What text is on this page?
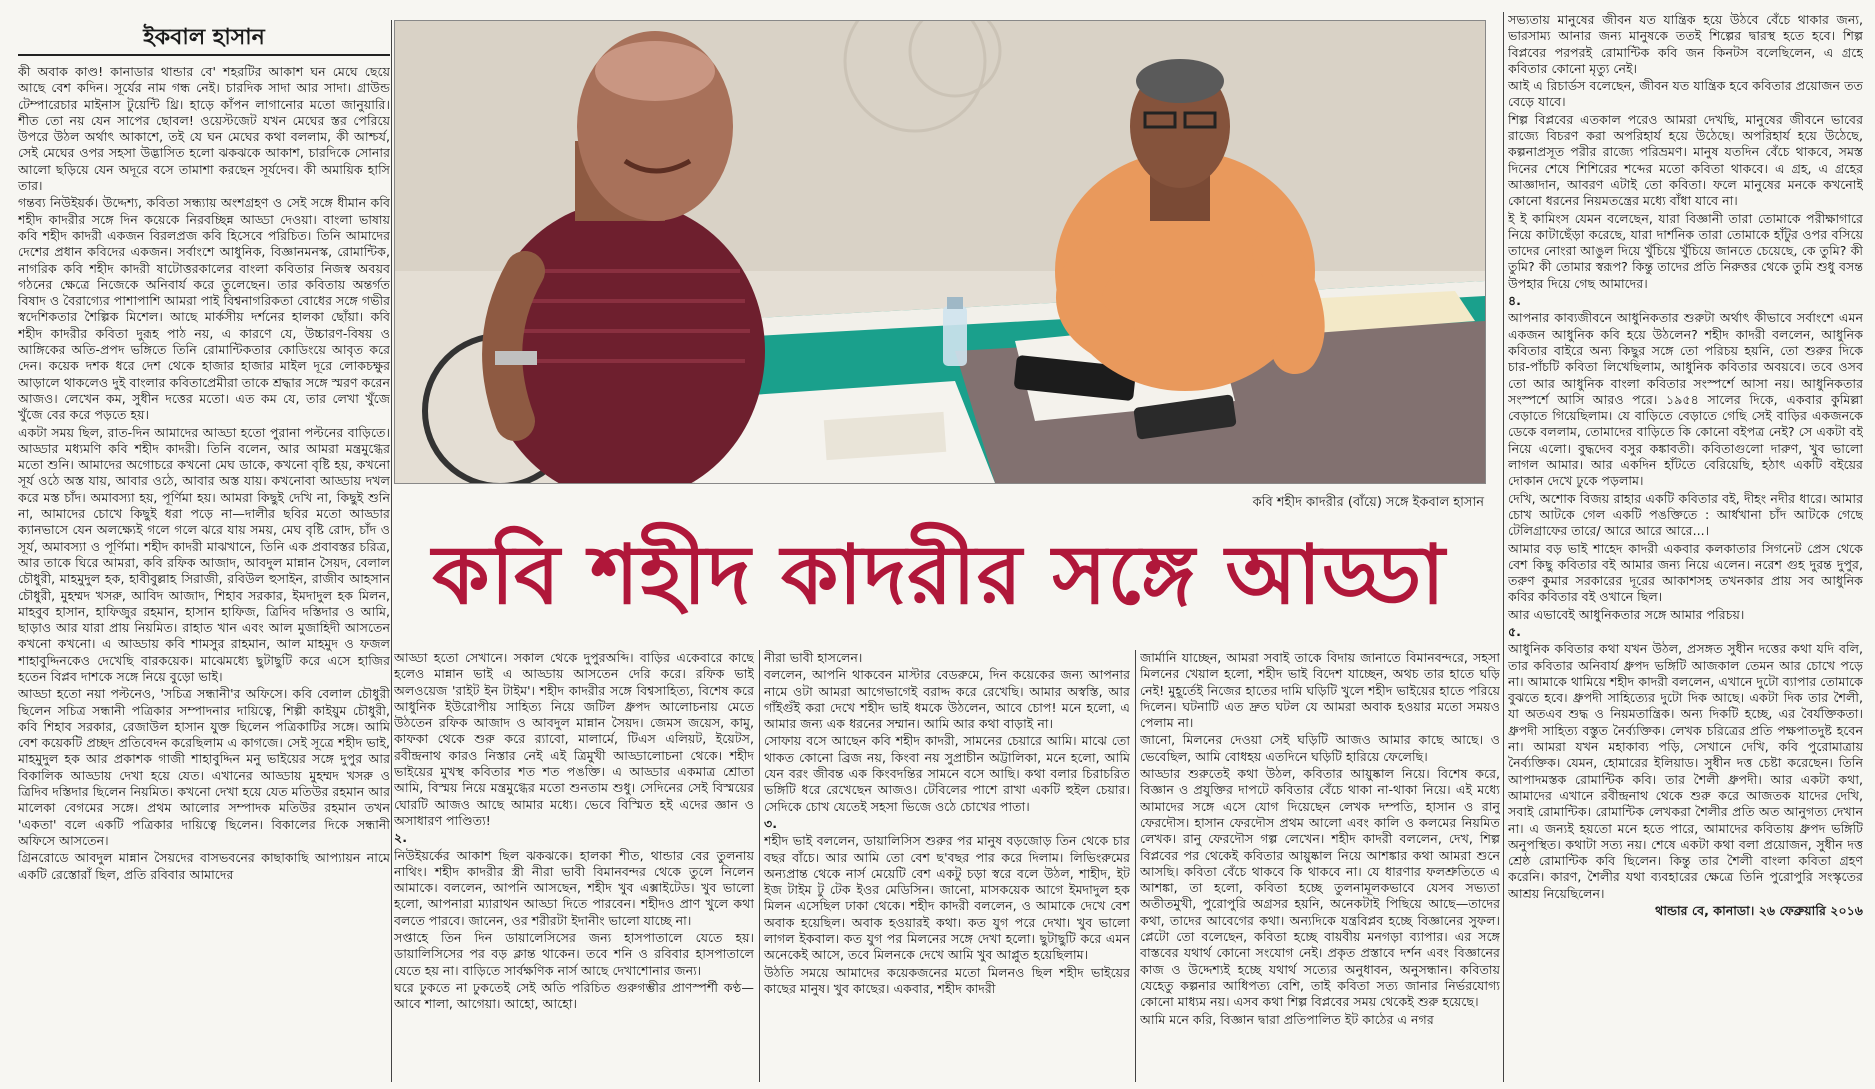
ইকবাল হাসান

কী অবাক কাণ্ড! কানাডার থান্ডার বে' শহরটির আকাশ ঘন মেঘে ছেয়ে আছে বেশ কদিন। সূর্যের নাম গন্ধ নেই। চারদিক সাদা আর সাদা। গ্রাউন্ড টেম্পারেচার মাইনাস টুয়েন্টি থ্রি। হাড়ে কাঁপন লাগানোর মতো জানুয়ারি। শীত তো নয় যেন সাপের ছোবল! ওয়েস্টজেট যখন মেঘের স্তর পেরিয়ে উপরে উঠল অর্থাৎ আকাশে, তই যে ঘন মেঘের কথা বললাম, কী আশ্চর্য, সেই মেঘের ওপর সহসা উদ্ভাসিত হলো ঝকঝকে আকাশ, চারদিকে সোনার আলো ছড়িয়ে যেন অদূরে বসে তামাশা করছেন সূর্যদেব। কী অমায়িক হাসি তার।

গন্তব্য নিউইয়র্ক। উদ্দেশ্য, কবিতা সন্ধ্যায় অংশগ্রহণ ও সেই সঙ্গে ধীমান কবি শহীদ কাদরীর সঙ্গে দিন কয়েকে নিরবচ্ছিন্ন আড্ডা দেওয়া। বাংলা ভাষায় কবি শহীদ কাদরী একজন বিরলপ্রজ কবি হিসেবে পরিচিত। তিনি আমাদের দেশের প্রধান কবিদের একজন। সর্বাংশে আধুনিক, বিজ্ঞানমনস্ক, রোমান্টিক, নাগরিক কবি শহীদ কাদরী ষাটোত্তরকালের বাংলা কবিতার নিজস্ব অবয়ব গঠনের ক্ষেত্রে নিজেকে অনিবার্য করে তুলেছেন। তার কবিতায় অন্তর্গত বিষাদ ও বৈরাগ্যের পাশাপাশি আমরা পাই বিশ্বনাগরিকতা বোধের সঙ্গে গভীর স্বদেশিকতার শৈল্পিক মিশেল। আছে মার্কসীয় দর্শনের হালকা ছোঁয়া। কবি শহীদ কাদরীর কবিতা দুরূহ পাঠ নয়, এ কারণে যে, উচ্চারণ-বিষয় ও আঙ্গিকের অতি-প্রপদ ভঙ্গিতে তিনি রোমান্টিকতার কোডিংয়ে আবৃত করে দেন। কয়েক দশক ধরে দেশ থেকে হাজার হাজার মাইল দূরে লোকচক্ষুর আড়ালে থাকলেও দুই বাংলার কবিতাপ্রেমীরা তাকে শ্রদ্ধার সঙ্গে স্মরণ করেন আজও। লেখেন কম, সুধীন দত্তের মতো। এত কম যে, তার লেখা খুঁজে খুঁজে বের করে পড়তে হয়।

একটা সময় ছিল, রাত-দিন আমাদের আড্ডা হতো পুরানা পল্টনের বাড়িতে। আড্ডার মধ্যমণি কবি শহীদ কাদরী। তিনি বলেন, আর আমরা মন্ত্রমুগ্ধের মতো শুনি। আমাদের অগোচরে কখনো মেঘ ডাকে, কখনো বৃষ্টি হয়, কখনো সূর্য ওঠে অস্ত যায়, আবার ওঠে, আবার অস্ত যায়। কখনোবা আড্ডায় দখল করে মস্ত চাঁদ। অমাবস্যা হয়, পূর্ণিমা হয়। আমরা কিছুই দেখি না, কিছুই শুনি না, আমাদের চোখে কিছুই ধরা পড়ে না—দালীর ছবির মতো আড্ডার ক্যানভাসে যেন অলক্ষ্যেই গলে গলে ঝরে যায় সময়, মেঘ বৃষ্টি রোদ, চাঁদ ও সূর্য, অমাবস্যা ও পূর্ণিমা। শহীদ কাদরী মাঝখানে, তিনি এক প্রবাবস্তর চরিত্র, আর তাকে ঘিরে আমরা, কবি রফিক আজাদ, আবদুল মান্নান সৈয়দ, বেলাল চৌধুরী, মাহমুদুল হক, হাবীবুল্লাহ সিরাজী, রবিউল হুসাইন, রাজীব আহসান চৌধুরী, মুহম্মদ খসরু, আবিদ আজাদ, শিহাব সরকার, ইমদাদুল হক মিলন, মাহবুব হাসান, হাফিজুর রহমান, হাসান হাফিজ, ত্রিদিব দস্তিদার ও আমি, ছাড়াও আর যারা প্রায় নিয়মিত। রাহাত খান এবং আল মুজাহিদী আসতেন কখনো কখনো। এ আড্ডায় কবি শামসুর রাহমান, আল মাহমুদ ও ফজল শাহাবুদ্দিনকেও দেখেছি বারকয়েক। মাঝেমধ্যে ছুটাছুটি করে এসে হাজির হতেন বিপ্লব দাশকে সঙ্গে নিয়ে বুড়ো ভাই।

আড্ডা হতো নয়া পল্টনেও, 'সচিত্র সন্ধানী'র অফিসে। কবি বেলাল চৌধুরী ছিলেন সচিত্র সন্ধানী পত্রিকার সম্পাদনার দায়িত্বে, শিল্পী কাইয়ুম চৌধুরী, কবি শিহাব সরকার, রেজাউল হাসান যুক্ত ছিলেন পত্রিকাটির সঙ্গে। আমি বেশ কয়েকটি প্রচ্ছদ প্রতিবেদন করেছিলাম এ কাগজে। সেই সূত্রে শহীদ ভাই, মাহমুদুল হক আর প্রকাশক গাজী শাহাবুদ্দিন মনু ভাইয়ের সঙ্গে দুপুর আর বিকালিক আড্ডায় দেখা হয়ে যেত। এখানের আড্ডায় মুহম্মদ খসরু ও ত্রিদিব দস্তিদার ছিলেন নিয়মিত। কখনো দেখা হয়ে যেত মতিউর রহমান আর মালেকা বেগমের সঙ্গে। প্রথম আলোর সম্পাদক মতিউর রহমান তখন 'একতা' বলে একটি পত্রিকার দায়িত্বে ছিলেন। বিকালের দিকে সন্ধানী অফিসে আসতেন।

গ্রিনরোডে আবদুল মান্নান সৈয়দের বাসভবনের কাছাকাছি আপ্যায়ন নামে একটি রেস্তোরাঁ ছিল, প্রতি রবিবার আমাদের

কবি শহীদ কাদরীর (বাঁয়ে) সঙ্গে ইকবাল হাসান
কবি শহীদ কাদরীর সঙ্গে আড্ডা

আড্ডা হতো সেখানে। সকাল থেকে দুপুরঅব্দি। বাড়ির একেবারে কাছে হলেও মান্নান ভাই এ আড্ডায় আসতেন দেরি করে। রফিক ভাই অলওয়েজ 'রাইট ইন টাইম'। শহীদ কাদরীর সঙ্গে বিশ্বসাহিত্য, বিশেষ করে আধুনিক ইউরোপীয় সাহিত্য নিয়ে জটিল ধ্রুপদ আলোচনায় মেতে উঠতেন রফিক আজাদ ও আবদুল মান্নান সৈয়দ। জেমস জয়েস, কামু, কাফকা থেকে শুরু করে র‍্যাবো, মালার্মে, টিএস এলিয়ট, ইয়েটস, রবীন্দ্রনাথ কারও নিস্তার নেই এই ত্রিমুখী আড্ডালোচনা থেকে। শহীদ ভাইয়ের মুখস্থ কবিতার শত শত পঙক্তি। এ আড্ডার একমাত্র শ্রোতা আমি, বিস্ময় নিয়ে মন্ত্রমুগ্ধের মতো শুনতাম শুধু। সেদিনের সেই বিস্ময়ের ঘোরটি আজও আছে আমার মধ্যে। ভেবে বিস্মিত হই এদের জ্ঞান ও অসাধারণ পাণ্ডিত্য!

২.

নিউইয়র্কের আকাশ ছিল ঝকঝকে। হালকা শীত, থান্ডার বের তুলনায় নাথিং। শহীদ কাদরীর স্ত্রী নীরা ভাবী বিমানবন্দর থেকে তুলে নিলেন আমাকে। বললেন, আপনি আসছেন, শহীদ খুব এক্সাইটেড। খুব ভালো হলো, আপনারা ম্যারাথন আড্ডা দিতে পারবেন। শহীদও প্রাণ খুলে কথা বলতে পারবে। জানেন, ওর শরীরটা ইদানীং ভালো যাচ্ছে না।

সপ্তাহে তিন দিন ডায়ালেসিসের জন্য হাসপাতালে যেতে হয়। ডায়ালিসিসের পর বড় ক্লান্ত থাকেন। তবে শনি ও রবিবার হাসপাতালে যেতে হয় না। বাড়িতে সার্বক্ষণিক নার্স আছে দেখাশোনার জন্য।

ঘরে ঢুকতে না ঢুকতেই সেই অতি পরিচিত গুরুগম্ভীর প্রাণস্পর্শী কণ্ঠ— আবে শালা, আগেয়া। আহো, আহো।

নীরা ভাবী হাসলেন।

বললেন, আপনি থাকবেন মাস্টার বেডরুমে, দিন কয়েকের জন্য আপনার নামে ওটা আমরা আগেভাগেই বরাদ্দ করে রেখেছি। আমার অস্বস্তি, আর গাঁইগুঁই করা দেখে শহীদ ভাই ধমকে উঠলেন, আবে চোপ! মনে হলো, এ আমার জন্য এক ধরনের সম্মান। আমি আর কথা বাড়াই না।

সোফায় বসে আছেন কবি শহীদ কাদরী, সামনের চেয়ারে আমি। মাঝে তো থাকত কোনো ব্রিজ নয়, কিংবা নয় সুপ্রাচীন অট্টালিকা, মনে হলো, আমি যেন বরং জীবন্ত এক কিংবদন্তির সামনে বসে আছি। কথা বলার চিরাচরিত ভঙ্গিটি ধরে রেখেছেন আজও। টেবিলের পাশে রাখা একটি হুইল চেয়ার। সেদিকে চোখ যেতেই সহসা ভিজে ওঠে চোখের পাতা।

৩.

শহীদ ভাই বললেন, ডায়ালিসিস শুরুর পর মানুষ বড়জোড় তিন থেকে চার বছর বাঁচে। আর আমি তো বেশ ছ'বছর পার করে দিলাম। লিভিংরুমের অন্যপ্রান্ত থেকে নার্স মেয়েটি বেশ একটু চড়া স্বরে বলে উঠল, শাহীদ, ইট ইজ টাইম টু টেক ইওর মেডিসিন। জানো, মাসকয়েক আগে ইমদাদুল হক মিলন এসেছিল ঢাকা থেকে। শহীদ কাদরী বললেন, ও আমাকে দেখে বেশ অবাক হয়েছিল। অবাক হওয়ারই কথা। কত যুগ পরে দেখা। খুব ভালো লাগল ইকবাল। কত যুগ পর মিলনের সঙ্গে দেখা হলো। ছুটাছুটি করে এমন অনেকেই আসে, তবে মিলনকে দেখে আমি খুব আপ্লুত হয়েছিলাম।

উঠতি সময়ে আমাদের কয়েকজনের মতো মিলনও ছিল শহীদ ভাইয়ের কাছের মানুষ। খুব কাছের। একবার, শহীদ কাদরী

জার্মানি যাচ্ছেন, আমরা সবাই তাকে বিদায় জানাতে বিমানবন্দরে, সহসা মিলনের খেয়াল হলো, শহীদ ভাই বিদেশ যাচ্ছেন, অথচ তার হাতে ঘড়ি নেই! মুহূর্তেই নিজের হাতের দামি ঘড়িটি খুলে শহীদ ভাইয়ের হাতে পরিয়ে দিলেন। ঘটনাটি এত দ্রুত ঘটল যে আমরা অবাক হওয়ার মতো সময়ও পেলাম না।

জানো, মিলনের দেওয়া সেই ঘড়িটি আজও আমার কাছে আছে। ও ভেবেছিল, আমি বোধহয় এতদিনে ঘড়িটি হারিয়ে ফেলেছি।

আড্ডার শুরুতেই কথা উঠল, কবিতার আয়ুষ্কাল নিয়ে। বিশেষ করে, বিজ্ঞান ও প্রযুক্তির দাপটে কবিতার বেঁচে থাকা না-থাকা নিয়ে। এই মধ্যে আমাদের সঙ্গে এসে যোগ দিয়েছেন লেখক দম্পতি, হাসান ও রানু ফেরদৌস। হাসান ফেরদৌস প্রথম আলো এবং কালি ও কলমের নিয়মিত লেখক। রানু ফেরদৌস গল্প লেখেন। শহীদ কাদরী বললেন, দেখ, শিল্প বিপ্লবের পর থেকেই কবিতার আয়ুষ্কাল নিয়ে আশঙ্কার কথা আমরা শুনে আসছি। কবিতা বেঁচে থাকবে কি থাকবে না। যে ধারণার ফলশ্রুতিতে এ আশঙ্কা, তা হলো, কবিতা হচ্ছে তুলনামূলকভাবে যেসব সভ্যতা অতীতমুখী, পুরোপুরি অগ্রসর হয়নি, অনেকটাই পিছিয়ে আছে—তাদের কথা, তাদের আবেগের কথা। অন্যদিকে যন্ত্রবিপ্লব হচ্ছে বিজ্ঞানের সুফল। প্লেটো তো বলেছেন, কবিতা হচ্ছে বায়বীয় মনগড়া ব্যাপার। এর সঙ্গে বাস্তবের যথার্থ কোনো সংযোগ নেই। প্রকৃত প্রস্তাবে দর্শন এবং বিজ্ঞানের কাজ ও উদ্দেশ্যই হচ্ছে যথার্থ সত্যের অনুধাবন, অনুসন্ধান। কবিতায় যেহেতু কল্পনার আধিপত্য বেশি, তাই কবিতা সত্য জানার নির্ভরযোগ্য কোনো মাধ্যম নয়। এসব কথা শিল্প বিপ্লবের সময় থেকেই শুরু হয়েছে।

আমি মনে করি, বিজ্ঞান দ্বারা প্রতিপালিত ইট কাঠের এ নগর

সভ্যতায় মানুষের জীবন যত যান্ত্রিক হয়ে উঠবে বেঁচে থাকার জন্য, ভারসাম্য আনার জন্য মানুষকে ততই শিল্পের দ্বারস্থ হতে হবে। শিল্প বিপ্লবের পরপরই রোমান্টিক কবি জন কিনটস বলেছিলেন, এ গ্রহে কবিতার কোনো মৃত্যু নেই।

আই এ রিচার্ডস বলেছেন, জীবন যত যান্ত্রিক হবে কবিতার প্রয়োজন তত বেড়ে যাবে।

শিল্প বিপ্লবের এতকাল পরেও আমরা দেখছি, মানুষের জীবনে ভাবের রাজ্যে বিচরণ করা অপরিহার্য হয়ে উঠেছে। অপরিহার্য হয়ে উঠেছে, কল্পনাপ্রসূত পরীর রাজ্যে পরিভ্রমণ। মানুষ যতদিন বেঁচে থাকবে, সমস্ত দিনের শেষে শিশিরের শব্দের মতো কবিতা থাকবে। এ গ্রহ, এ গ্রহের আজ্ঞাদান, আবরণ এটাই তো কবিতা। ফলে মানুষের মনকে কখনোই কোনো ধরনের নিয়মতন্ত্রের মধ্যে বাঁধা যাবে না।

ই ই কামিংস যেমন বলেছেন, যারা বিজ্ঞানী তারা তোমাকে পরীক্ষাগারে নিয়ে কাটাছেঁড়া করেছে, যারা দার্শনিক তারা তোমাকে হাঁটুর ওপর বসিয়ে তাদের নোংরা আঙুল দিয়ে খুঁচিয়ে খুঁচিয়ে জানতে চেয়েছে, কে তুমি? কী তুমি? কী তোমার স্বরূপ? কিন্তু তাদের প্রতি নিরুত্তর থেকে তুমি শুধু বসন্ত উপহার দিয়ে গেছ আমাদের।

৪.

আপনার কাব্যজীবনে আধুনিকতার শুরুটা অর্থাৎ কীভাবে সর্বাংশে এমন একজন আধুনিক কবি হয়ে উঠলেন? শহীদ কাদরী বললেন, আধুনিক কবিতার বাইরে অন্য কিছুর সঙ্গে তো পরিচয় হয়নি, তো শুরুর দিকে চার-পাঁচটি কবিতা লিখেছিলাম, আধুনিক কবিতার অবয়বে। তবে ওসব তো আর আধুনিক বাংলা কবিতার সংস্পর্শে আসা নয়। আধুনিকতার সংস্পর্শে আসি আরও পরে। ১৯৫৪ সালের দিকে, একবার কুমিল্লা বেড়াতে গিয়েছিলাম। যে বাড়িতে বেড়াতে গেছি সেই বাড়ির একজনকে ডেকে বললাম, তোমাদের বাড়িতে কি কোনো বইপত্র নেই? সে একটা বই নিয়ে এলো। বুদ্ধদেব বসুর কঙ্কাবতী। কবিতাগুলো দারুণ, খুব ভালো লাগল আমার। আর একদিন হাঁটতে বেরিয়েছি, হঠাৎ একটি বইয়ের দোকান দেখে ঢুকে পড়লাম।

দেখি, অশোক বিজয় রাহার একটি কবিতার বই, দীহং নদীর ধারে। আমার চোখ আটকে গেল একটি পঙক্তিতে : আর্ধখানা চাঁদ আটকে গেছে টেলিগ্রাফের তারে/ আরে আরে আরে...।

আমার বড় ভাই শাহেদ কাদরী একবার কলকাতার সিগনেট প্রেস থেকে বেশ কিছু কবিতার বই আমার জন্য নিয়ে এলেন। নরেশ গুহ দুরন্ত দুপুর, তরুণ কুমার সরকারের দূরের আকাশসহ তখনকার প্রায় সব আধুনিক কবির কবিতার বই ওখানে ছিল।

আর এভাবেই আধুনিকতার সঙ্গে আমার পরিচয়।

৫.

আধুনিক কবিতার কথা যখন উঠল, প্রসঙ্গত সুধীন দত্তের কথা যদি বলি, তার কবিতার অনিবার্য ধ্রুপদ ভঙ্গিটি আজকাল তেমন আর চোখে পড়ে না। আমাকে থামিয়ে শহীদ কাদরী বললেন, এখানে দুটো ব্যাপার তোমাকে বুঝতে হবে। ধ্রুপদী সাহিত্যের দুটো দিক আছে। একটা দিক তার শৈলী, যা অতএব শুদ্ধ ও নিয়মতান্ত্রিক। অন্য দিকটি হচ্ছে, এর বৈর্যক্তিকতা। ধ্রুপদী সাহিত্য বস্তুত নৈর্ব্যক্তিক। লেখক চরিত্রের প্রতি পক্ষপাতদুষ্ট হবেন না। আমরা যখন মহাকাব্য পড়ি, সেখানে দেখি, কবি পুরোমাত্রায় নৈর্ব্যক্তিক। যেমন, হোমারের ইলিয়াড। সুধীন দত্ত চেষ্টা করেছেন। তিনি আপাদমস্তক রোমান্টিক কবি। তার শৈলী ধ্রুপদী। আর একটা কথা, আমাদের এখানে রবীন্দ্রনাথ থেকে শুরু করে আজতক যাদের দেখি, সবাই রোমান্টিক। রোমান্টিক লেখকরা শৈলীর প্রতি অত আনুগত্য দেখান না। এ জন্যই হয়তো মনে হতে পারে, আমাদের কবিতায় ধ্রুপদ ভঙ্গিটি অনুপস্থিত। কথাটা সত্য নয়। শেষে একটা কথা বলা প্রয়োজন, সুধীন দত্ত শ্রেষ্ঠ রোমান্টিক কবি ছিলেন। কিন্তু তার শৈলী বাংলা কবিতা গ্রহণ করেনি। কারণ, শৈলীর যথা ব্যবহারের ক্ষেত্রে তিনি পুরোপুরি সংস্কৃতের আশ্রয় নিয়েছিলেন।

থান্ডার বে, কানাডা। ২৬ ফেব্রুয়ারি ২০১৬
